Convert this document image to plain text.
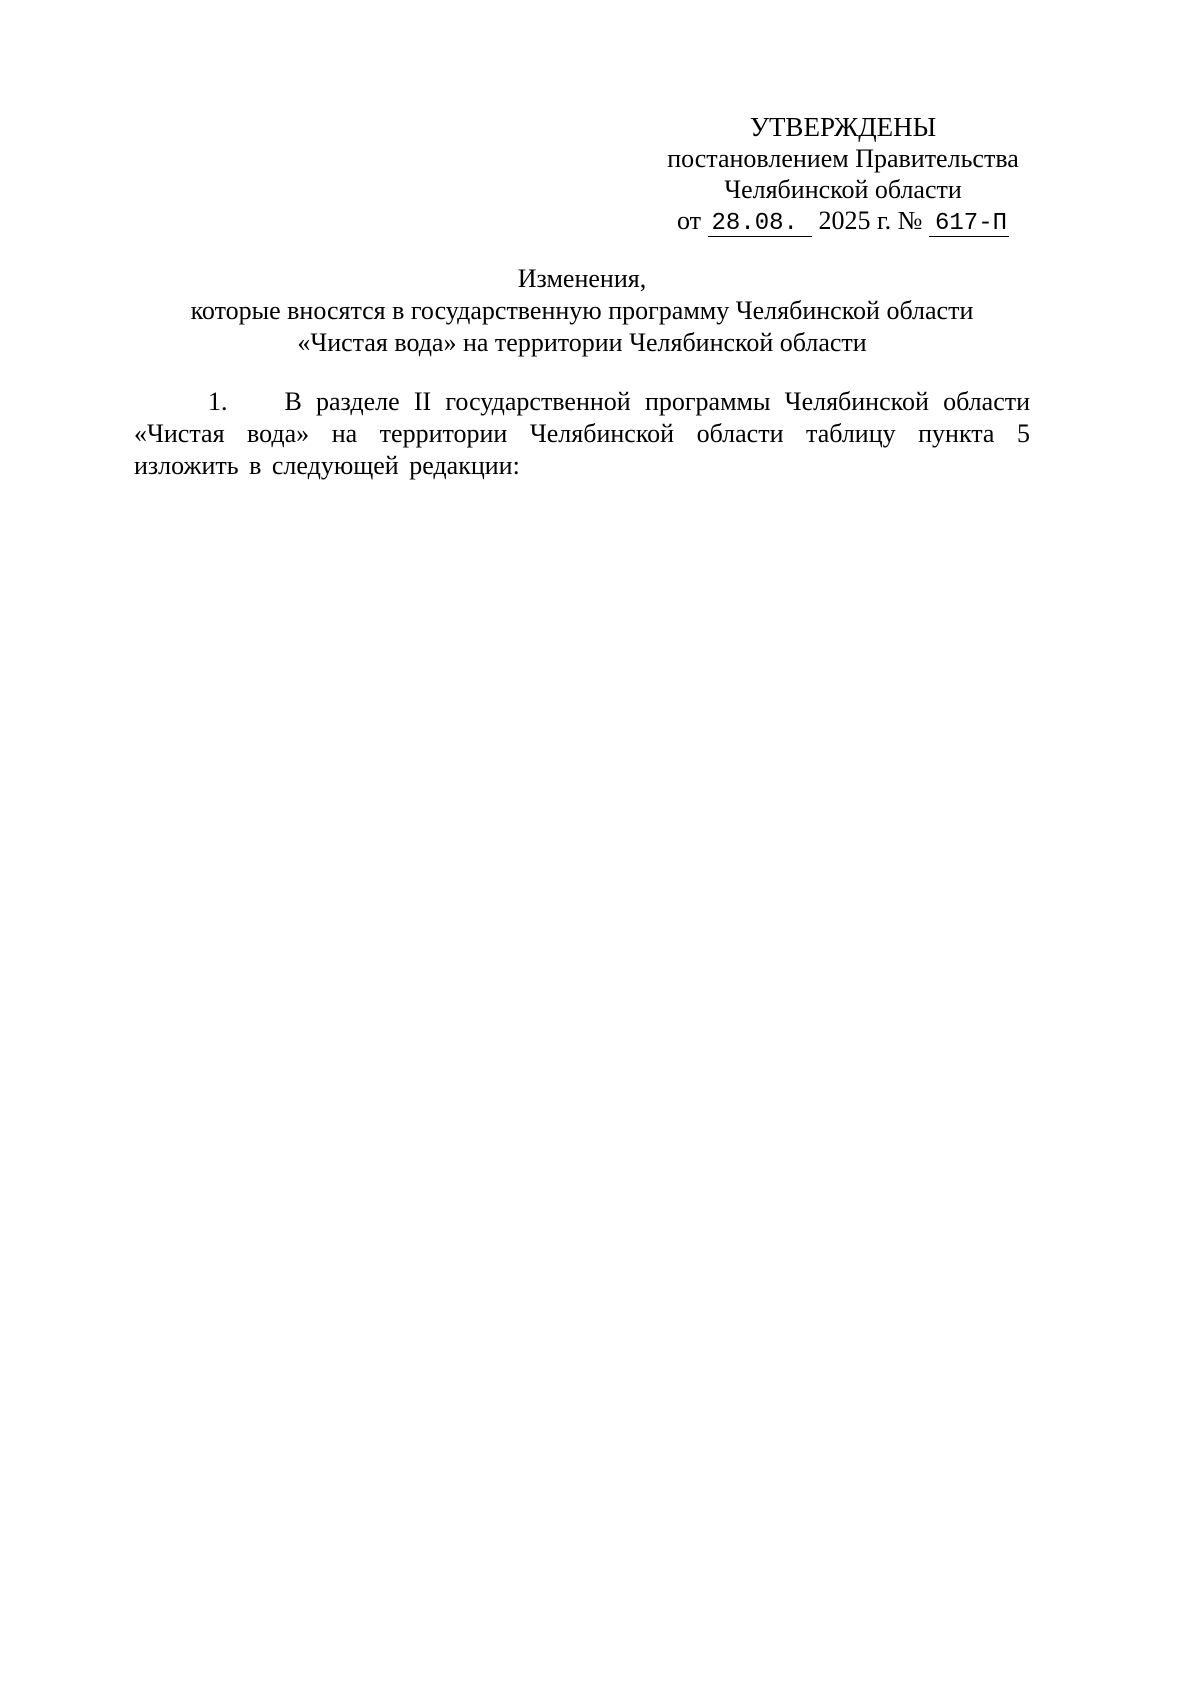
УТВЕРЖДЕНЫ
постановлением Правительства
Челябинской области
от 28.08. 2025 г. № 617-П
Изменения,
которые вносятся в государственную программу Челябинской области
«Чистая вода» на территории Челябинской области
1. В разделе II государственной программы Челябинской области «Чистая вода» на территории Челябинской области таблицу пункта 5 изложить в следующей редакции:
